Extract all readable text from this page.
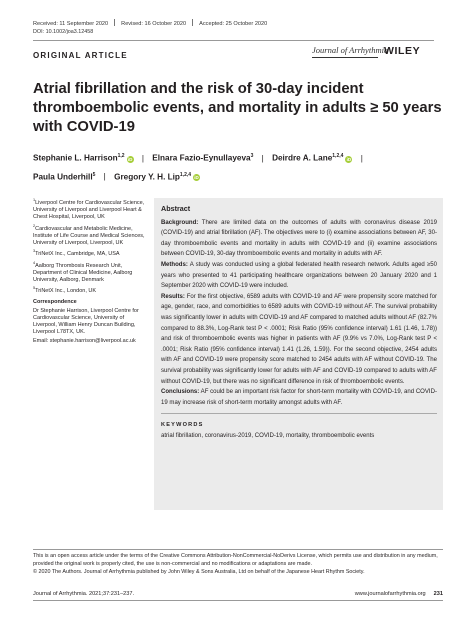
Received: 11 September 2020 Revised: 16 October 2020 Accepted: 25 October 2020
DOI: 10.1002/joa3.12458
ORIGINAL ARTICLE
Journal of Arrhythmia
WILEY
Atrial fibrillation and the risk of 30-day incident thromboembolic events, and mortality in adults ≥ 50 years with COVID-19
Stephanie L. Harrison$^{1,2}$iD | Elnara Fazio-Eynullayeva$^3$ | Deirdre A. Lane$^{1,2,4}$iD |
Paula Underhill$^5$ | Gregory Y. H. Lip$^{1,2,4}$iD

$^1$Liverpool Centre for Cardiovascular Science, University of Liverpool and Liverpool Heart & Chest Hospital, Liverpool, UK

$^2$Cardiovascular and Metabolic Medicine, Institute of Life Course and Medical Sciences, University of Liverpool, Liverpool, UK

$^3$TriNetX Inc., Cambridge, MA, USA

$^4$Aalborg Thrombosis Research Unit, Department of Clinical Medicine, Aalborg University, Aalborg, Denmark

$^5$TriNetX Inc., London, UK

Correspondence

Dr Stephanie Harrison, Liverpool Centre for Cardiovascular Science, University of Liverpool, William Henry Duncan Building, Liverpool L78TX, UK.

Email: stephanie.harrison@liverpool.ac.uk

Abstract

Background: There are limited data on the outcomes of adults with coronavirus disease 2019 (COVID-19) and atrial fibrillation (AF). The objectives were to (i) examine associations between AF, 30-day thromboembolic events and mortality in adults with COVID-19 and (ii) examine associations between COVID-19, 30-day thromboembolic events and mortality in adults with AF.

Methods: A study was conducted using a global federated health research network. Adults aged ≥50 years who presented to 41 participating healthcare organizations between 20 January 2020 and 1 September 2020 with COVID-19 were included.

Results: For the first objective, 6589 adults with COVID-19 and AF were propensity score matched for age, gender, race, and comorbidities to 6589 adults with COVID-19 without AF. The survival probability was significantly lower in adults with COVID-19 and AF compared to matched adults without AF (82.7% compared to 88.3%, Log-Rank test P < .0001; Risk Ratio (95% confidence interval) 1.61 (1.46, 1.78)) and risk of thromboembolic events was higher in patients with AF (9.9% vs 7.0%, Log-Rank test P < .0001; Risk Ratio (95% confidence interval) 1.41 (1.26, 1.59)). For the second objective, 2454 adults with AF and COVID-19 were propensity score matched to 2454 adults with AF without COVID-19. The survival probability was significantly lower for adults with AF and COVID-19 compared to adults with AF without COVID-19, but there was no significant difference in risk of thromboembolic events.

Conclusions: AF could be an important risk factor for short-term mortality with COVID-19, and COVID-19 may increase risk of short-term mortality amongst adults with AF.

KEYWORDS

atrial fibrillation, coronavirus-2019, COVID-19, mortality, thromboembolic events

This is an open access article under the terms of the Creative Commons Attribution-NonCommercial-NoDerivs License, which permits use and distribution in any medium, provided the original work is properly cited, the use is non-commercial and no modifications or adaptations are made.

© 2020 The Authors. Journal of Arrhythmia published by John Wiley & Sons Australia, Ltd on behalf of the Japanese Heart Rhythm Society.

Journal of Arrhythmia. 2021;37:231–237.	www.journalofarrhythmia.org 231
